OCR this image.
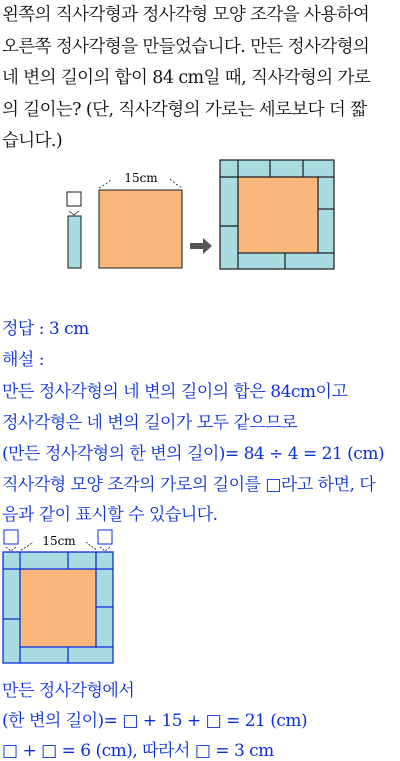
왼쪽의 직사각형과 정사각형 모양 조각을 사용하여
오른쪽 정사각형을 만들었습니다. 만든 정사각형의
네 변의 길이의 합이 84 cm일 때, 직사각형의 가로
의 길이는? (단, 직사각형의 가로는 세로보다 더 짧
습니다.)
15cm
정답 : 3 cm
해설 :
만든 정사각형의 네 변의 길이의 합은 84cm이고
정사각형은 네 변의 길이가 모두 같으므로
(만든 정사각형의 한 변의 길이)= 84 ÷ 4 = 21 (cm)
직사각형 모양 조각의 가로의 길이를 □라고 하면, 다
음과 같이 표시할 수 있습니다.
15cm
만든 정사각형에서
(한 변의 길이)= □ + 15 + □ = 21 (cm)
□ + □ = 6 (cm), 따라서 □ = 3 cm
